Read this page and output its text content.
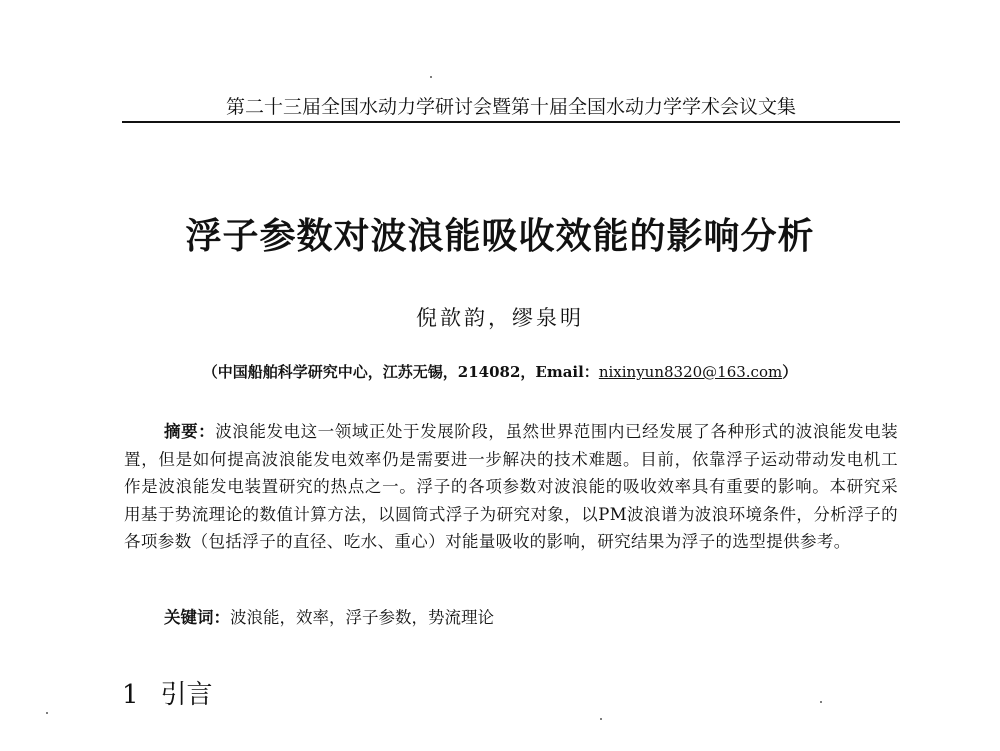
第二十三届全国水动力学研讨会暨第十届全国水动力学学术会议文集
浮子参数对波浪能吸收效能的影响分析
倪歆韵，缪泉明
（中国船舶科学研究中心，江苏无锡，214082，Email：nixinyun8320@163.com）
摘要：波浪能发电这一领域正处于发展阶段，虽然世界范围内已经发展了各种形式的波浪能发电装置，但是如何提高波浪能发电效率仍是需要进一步解决的技术难题。目前，依靠浮子运动带动发电机工作是波浪能发电装置研究的热点之一。浮子的各项参数对波浪能的吸收效率具有重要的影响。本研究采用基于势流理论的数值计算方法，以圆筒式浮子为研究对象，以PM波浪谱为波浪环境条件，分析浮子的各项参数（包括浮子的直径、吃水、重心）对能量吸收的影响，研究结果为浮子的选型提供参考。
关键词：波浪能，效率，浮子参数，势流理论
1 引言
